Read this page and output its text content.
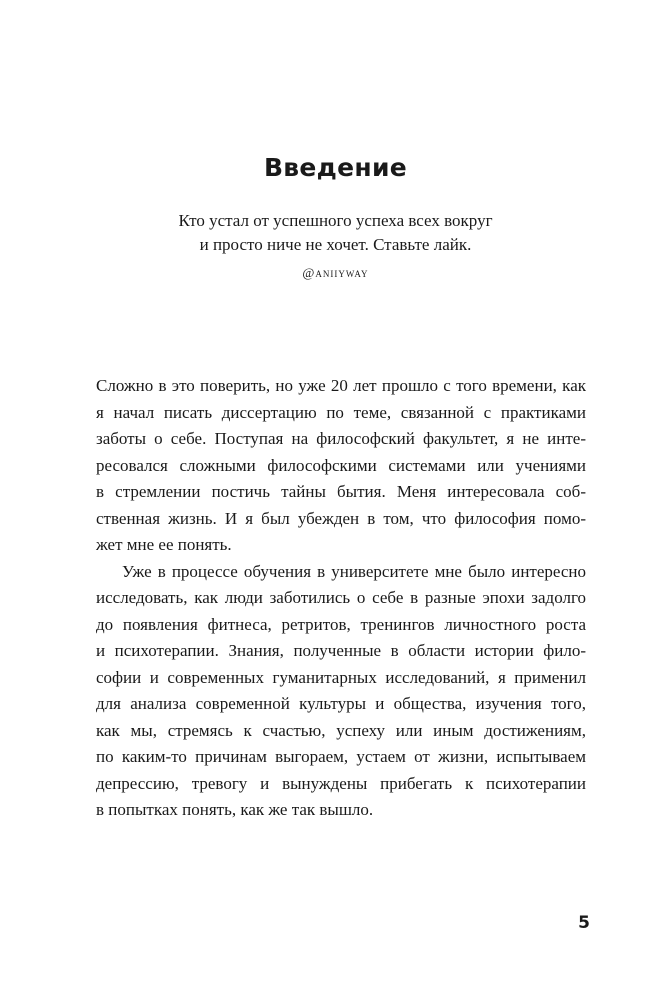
Введение
Кто устал от успешного успеха всех вокруг
и просто ниче не хочет. Ставьте лайк.
@aniiyway
Сложно в это поверить, но уже 20 лет прошло с того времени, как
я начал писать диссертацию по теме, связанной с практиками
заботы о себе. Поступая на философский факультет, я не инте-
ресовался сложными философскими системами или учениями
в стремлении постичь тайны бытия. Меня интересовала соб-
ственная жизнь. И я был убежден в том, что философия помо-
жет мне ее понять.
Уже в процессе обучения в университете мне было интересно
исследовать, как люди заботились о себе в разные эпохи задолго
до появления фитнеса, ретритов, тренингов личностного роста
и психотерапии. Знания, полученные в области истории фило-
софии и современных гуманитарных исследований, я применил
для анализа современной культуры и общества, изучения того,
как мы, стремясь к счастью, успеху или иным достижениям,
по каким-то причинам выгораем, устаем от жизни, испытываем
депрессию, тревогу и вынуждены прибегать к психотерапии
в попытках понять, как же так вышло.
5
